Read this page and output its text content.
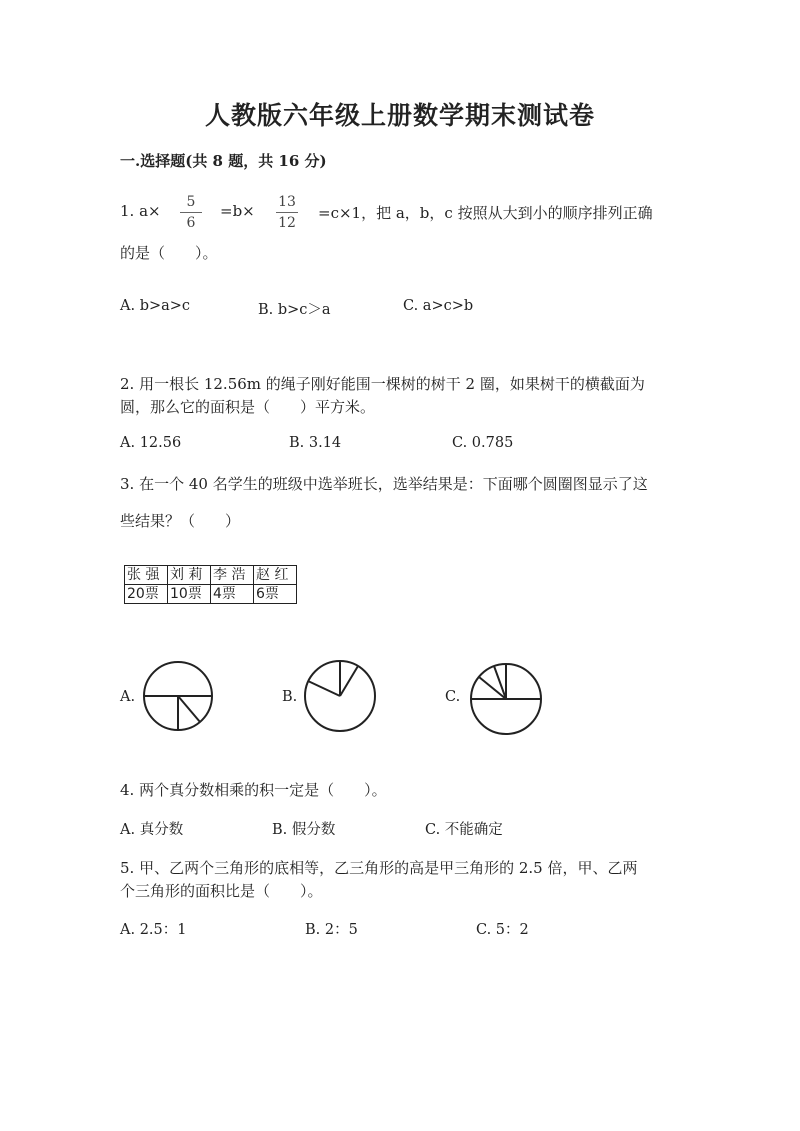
人教版六年级上册数学期末测试卷
一.选择题(共 8 题，共 16 分)
1. a×	5
6
=b×	13
12
=c×1，把 a，b，c 按照从大到小的顺序排列正确
的是（　　）。
A. b>a>c	B. b>c＞a	C. a>c>b
2. 用一根长 12.56m 的绳子刚好能围一棵树的树干 2 圈，如果树干的横截面为
圆，那么它的面积是（　　）平方米。
A. 12.56	B. 3.14	C. 0.785
3. 在一个 40 名学生的班级中选举班长，选举结果是：下面哪个圆圈图显示了这
些结果？（　　）
张 强	刘 莉	李 浩	赵 红
20票	10票	4票	6票
A.	B.	C.
4. 两个真分数相乘的积一定是（　　）。
A. 真分数	B. 假分数	C. 不能确定
5. 甲、乙两个三角形的底相等，乙三角形的高是甲三角形的 2.5 倍，甲、乙两
个三角形的面积比是（　　）。
A. 2.5：1	B. 2：5	C. 5：2
